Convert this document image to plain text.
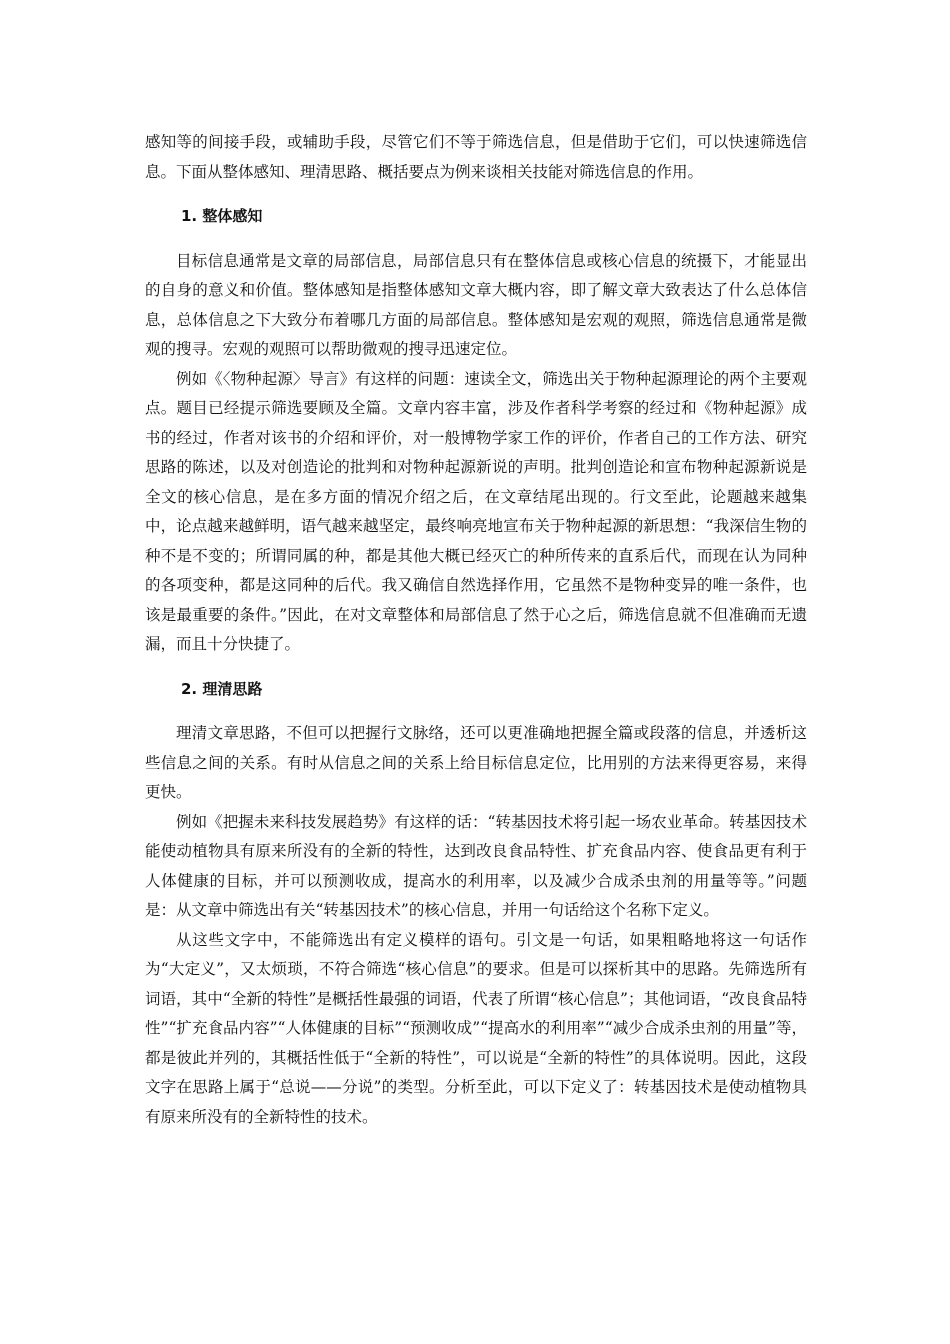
感知等的间接手段，或辅助手段，尽管它们不等于筛选信息，但是借助于它们，可以快速筛选信息。下面从整体感知、理清思路、概括要点为例来谈相关技能对筛选信息的作用。

1. 整体感知

目标信息通常是文章的局部信息，局部信息只有在整体信息或核心信息的统摄下，才能显出的自身的意义和价值。整体感知是指整体感知文章大概内容，即了解文章大致表达了什么总体信息，总体信息之下大致分布着哪几方面的局部信息。整体感知是宏观的观照，筛选信息通常是微观的搜寻。宏观的观照可以帮助微观的搜寻迅速定位。

例如《〈物种起源〉导言》有这样的问题：速读全文，筛选出关于物种起源理论的两个主要观点。题目已经提示筛选要顾及全篇。文章内容丰富，涉及作者科学考察的经过和《物种起源》成书的经过，作者对该书的介绍和评价，对一般博物学家工作的评价，作者自己的工作方法、研究思路的陈述，以及对创造论的批判和对物种起源新说的声明。批判创造论和宣布物种起源新说是全文的核心信息，是在多方面的情况介绍之后，在文章结尾出现的。行文至此，论题越来越集中，论点越来越鲜明，语气越来越坚定，最终响亮地宣布关于物种起源的新思想：“我深信生物的种不是不变的；所谓同属的种，都是其他大概已经灭亡的种所传来的直系后代，而现在认为同种的各项变种，都是这同种的后代。我又确信自然选择作用，它虽然不是物种变异的唯一条件，也该是最重要的条件。”因此，在对文章整体和局部信息了然于心之后，筛选信息就不但准确而无遗漏，而且十分快捷了。

2. 理清思路

理清文章思路，不但可以把握行文脉络，还可以更准确地把握全篇或段落的信息，并透析这些信息之间的关系。有时从信息之间的关系上给目标信息定位，比用别的方法来得更容易，来得更快。

例如《把握未来科技发展趋势》有这样的话：“转基因技术将引起一场农业革命。转基因技术能使动植物具有原来所没有的全新的特性，达到改良食品特性、扩充食品内容、使食品更有利于人体健康的目标，并可以预测收成，提高水的利用率，以及减少合成杀虫剂的用量等等。”问题是：从文章中筛选出有关“转基因技术”的核心信息，并用一句话给这个名称下定义。

从这些文字中，不能筛选出有定义模样的语句。引文是一句话，如果粗略地将这一句话作为“大定义”，又太烦琐，不符合筛选“核心信息”的要求。但是可以探析其中的思路。先筛选所有词语，其中“全新的特性”是概括性最强的词语，代表了所谓“核心信息”；其他词语，“改良食品特性”“扩充食品内容”“人体健康的目标”“预测收成”“提高水的利用率”“减少合成杀虫剂的用量”等，都是彼此并列的，其概括性低于“全新的特性”，可以说是“全新的特性”的具体说明。因此，这段文字在思路上属于“总说——分说”的类型。分析至此，可以下定义了：转基因技术是使动植物具有原来所没有的全新特性的技术。
